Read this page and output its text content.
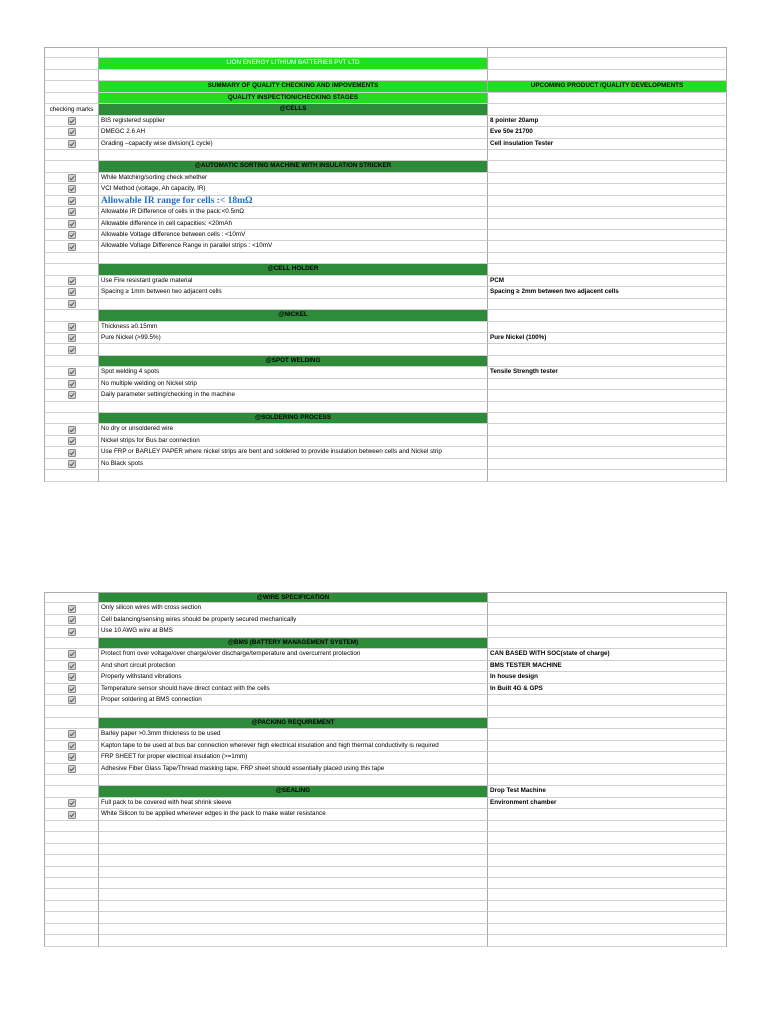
LION ENERGY LITHIUM BATTERIES PVT LTD
SUMMARY OF QUALITY CHECKING AND IMPOVEMENTS	UPCOMING PRODUCT /QUALITY DEVELOPMENTS
QUALITY INSPECTION/CHECKING STAGES
checking marks	@CELLS
BIS registered supplier	8 pointer 20amp
DMEGC 2.6 AH	Eve 50e 21700
Grading –capacity wise division(1 cycle)	Cell insulation Tester
@AUTOMATIC SORTING MACHINE WITH INSULATION STRICKER
While Matching/sorting check whether
VCI Method (voltage, Ah capacity, IR)
Allowable IR range for cells :< 18mΩ
Allowable IR Difference of cells in the pack:<0.5mΩ
Allowable difference in cell capacities: <20mAh
Allowable Voltage difference between cells : <10mV
Allowable Voltage Difference Range in parallel strips : <10mV
@CELL HOLDER
Use Fire resistant grade material	PCM
Spacing ≥ 1mm between two adjacent cells	Spacing ≥ 2mm between two adjacent cells
@NICKEL
Thickness ≥0.15mm
Pure Nickel (>99.5%)	Pure Nickel (100%)
@SPOT WELDING
Spot welding 4 spots	Tensile Strength tester
No multiple welding on Nickel strip
Daily parameter setting/checking in the machine
@SOLDERING PROCESS
No dry or unsoldered wire
Nickel strips for Bus bar connection
Use FRP or BARLEY PAPER where nickel strips are bent and soldered to provide insulation between cells and Nickel strip
No Black spots
@WIRE SPECIFICATION
Only silicon wires with cross section
Cell balancing/sensing wires should be properly secured mechanically
Use 10 AWG wire at BMS
@BMS (BATTERY MANAGEMENT SYSTEM)
Protect from over voltage/over charge/over discharge/temperature and overcurrent protection	CAN BASED WITH SOC(state of charge)
And short circuit protection	BMS TESTER MACHINE
Properly withstand vibrations	In house design
Temperature sensor should have direct contact with the cells	In Built 4G & GPS
Proper soldering at BMS connection
@PACKING REQUIREMENT
Barley paper >0.3mm thickness to be used
Kapton tape to be used at bus bar connection wherever high electrical insulation and high thermal conductivity is required
FRP SHEET for proper electrical insulation (>=1mm)
Adhesive Fiber Glass Tape/Thread masking tape, FRP sheet should essentially placed using this tape
@SEALING	Drop Test Machine
Full pack to be covered with heat shrink sleeve	Environment chamber
White Silicon to be applied wherever edges in the pack to make water resistance
